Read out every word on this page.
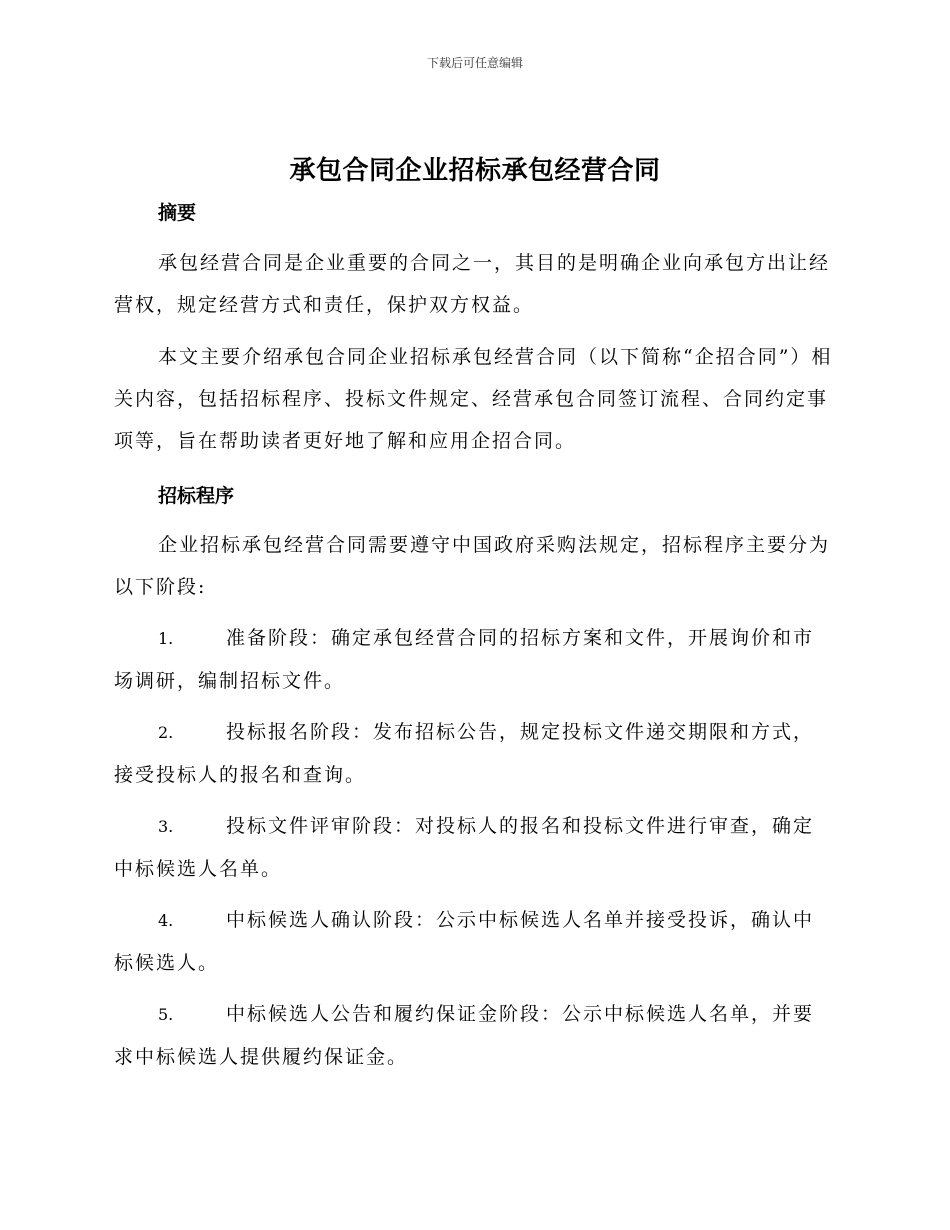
下载后可任意编辑
承包合同企业招标承包经营合同
摘要

承包经营合同是企业重要的合同之一，其目的是明确企业向承包方出让经营权，规定经营方式和责任，保护双方权益。

本文主要介绍承包合同企业招标承包经营合同（以下简称“企招合同”）相关内容，包括招标程序、投标文件规定、经营承包合同签订流程、合同约定事项等，旨在帮助读者更好地了解和应用企招合同。

招标程序

企业招标承包经营合同需要遵守中国政府采购法规定，招标程序主要分为以下阶段:

1.	准备阶段：确定承包经营合同的招标方案和文件，开展询价和市场调研，编制招标文件。

2.	投标报名阶段：发布招标公告，规定投标文件递交期限和方式，接受投标人的报名和查询。

3.	投标文件评审阶段：对投标人的报名和投标文件进行审查，确定中标候选人名单。

4.	中标候选人确认阶段：公示中标候选人名单并接受投诉，确认中标候选人。

5.	中标候选人公告和履约保证金阶段：公示中标候选人名单，并要求中标候选人提供履约保证金。
